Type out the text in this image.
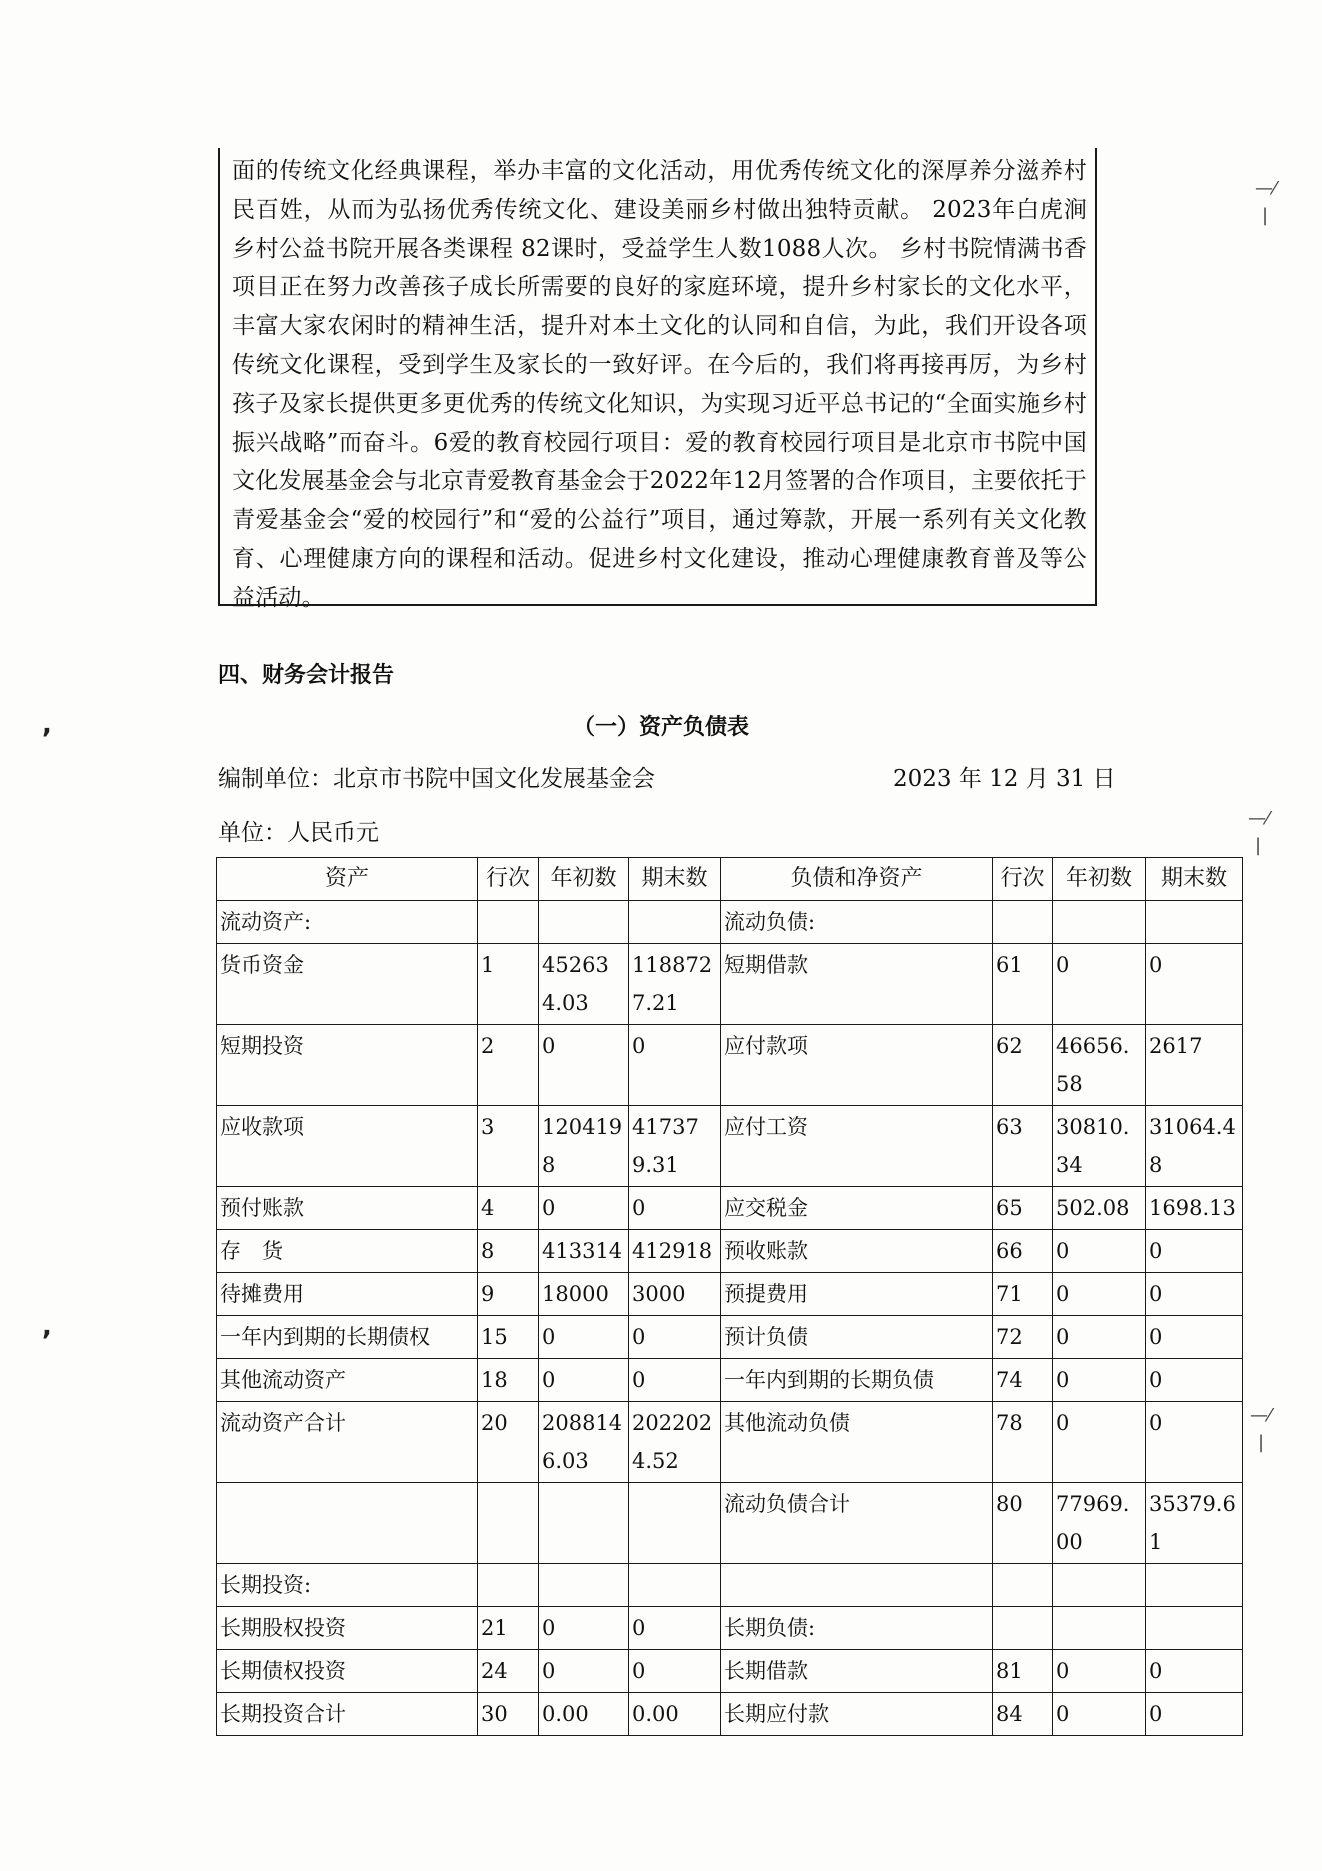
面的传统文化经典课程，举办丰富的文化活动，用优秀传统文化的深厚养分滋养村民百姓，从而为弘扬优秀传统文化、建设美丽乡村做出独特贡献。 2023年白虎涧乡村公益书院开展各类课程 82课时，受益学生人数1088人次。 乡村书院情满书香项目正在努力改善孩子成长所需要的良好的家庭环境，提升乡村家长的文化水平，丰富大家农闲时的精神生活，提升对本土文化的认同和自信，为此，我们开设各项传统文化课程，受到学生及家长的一致好评。在今后的，我们将再接再厉，为乡村孩子及家长提供更多更优秀的传统文化知识，为实现习近平总书记的“全面实施乡村振兴战略”而奋斗。6爱的教育校园行项目：爱的教育校园行项目是北京市书院中国文化发展基金会与北京青爱教育基金会于2022年12月签署的合作项目，主要依托于青爱基金会“爱的校园行”和“爱的公益行”项目，通过筹款，开展一系列有关文化教育、心理健康方向的课程和活动。促进乡村文化建设，推动心理健康教育普及等公益活动。

四、财务会计报告
（一）资产负债表
编制单位：北京市书院中国文化发展基金会	2023 年 12 月 31 日
单位：人民币元
资产	行次	年初数	期末数	负债和净资产	行次	年初数	期末数
流动资产:				流动负债:			
货币资金	1	452634.03	1188727.21	短期借款	61	0	0
短期投资	2	0	0	应付款项	62	46656.58	2617
应收款项	3	1204198	417379.31	应付工资	63	30810.34	31064.48
预付账款	4	0	0	应交税金	65	502.08	1698.13
存　货	8	413314	412918	预收账款	66	0	0
待摊费用	9	18000	3000	预提费用	71	0	0
一年内到期的长期债权	15	0	0	预计负债	72	0	0
其他流动资产	18	0	0	一年内到期的长期负债	74	0	0
流动资产合计	20	2088146.03	2022024.52	其他流动负债	78	0	0
				流动负债合计	80	77969.00	35379.61
长期投资:							
长期股权投资	21	0	0	长期负债:			
长期债权投资	24	0	0	长期借款	81	0	0
长期投资合计	30	0.00	0.00	长期应付款	84	0	0
—⁄
|
—⁄
|
—⁄
|
,
,
